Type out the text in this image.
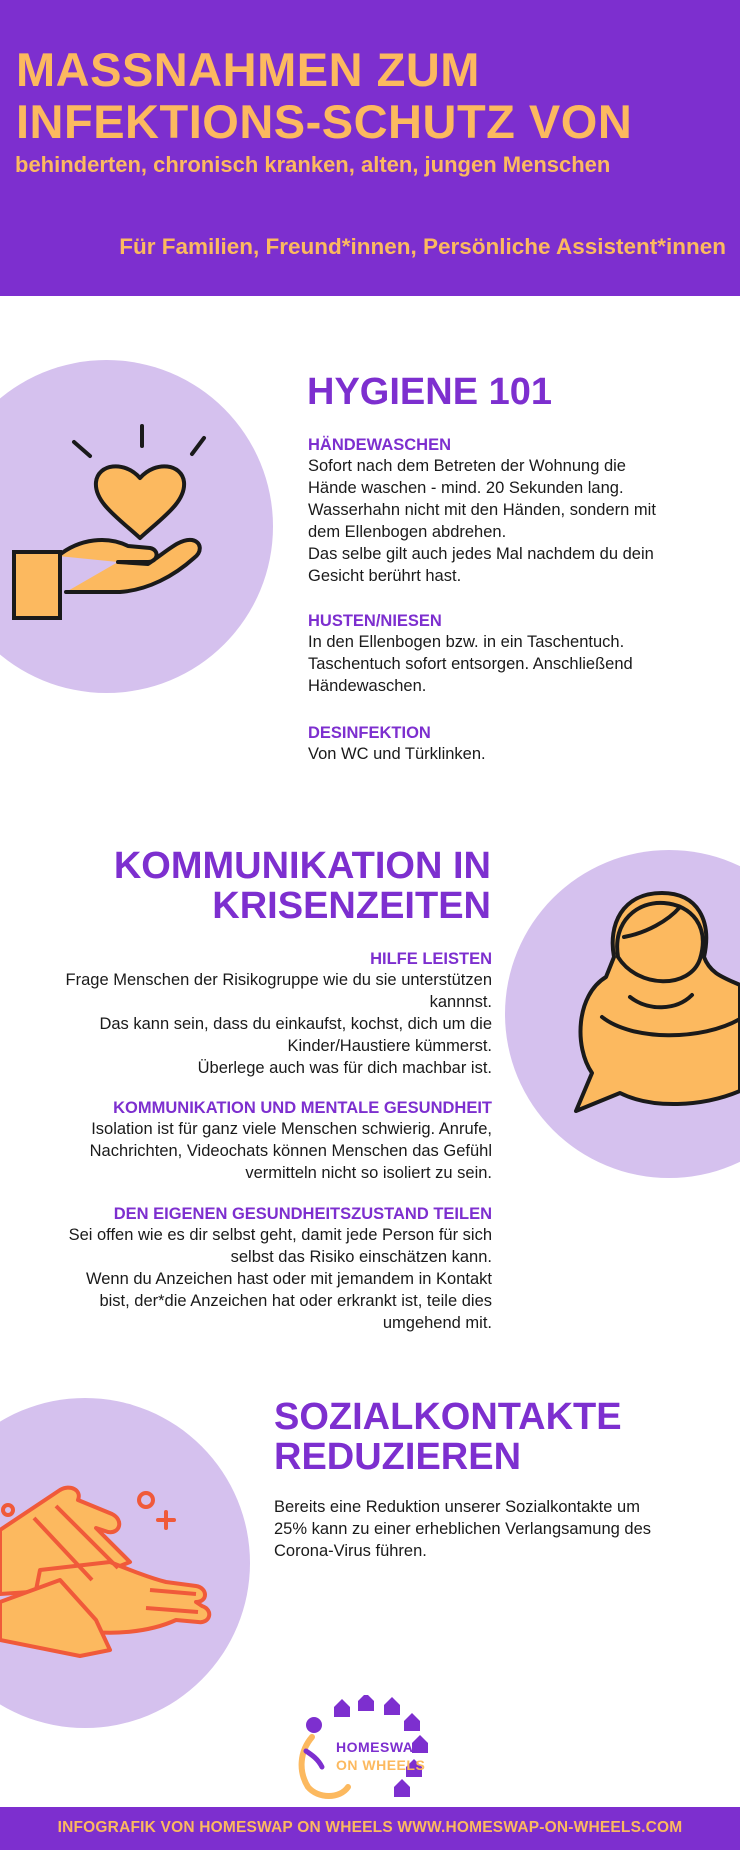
MASSNAHMEN ZUM
INFEKTIONS-SCHUTZ VON

behinderten, chronisch kranken, alten, jungen Menschen

Für Familien, Freund*innen, Persönliche Assistent*innen

HYGIENE 101

HÄNDEWASCHEN

Sofort nach dem Betreten der Wohnung die
Hände waschen - mind. 20 Sekunden lang.
Wasserhahn nicht mit den Händen, sondern mit
dem Ellenbogen abdrehen.
Das selbe gilt auch jedes Mal nachdem du dein
Gesicht berührt hast.

HUSTEN/NIESEN

In den Ellenbogen bzw. in ein Taschentuch.
Taschentuch sofort entsorgen. Anschließend
Händewaschen.

DESINFEKTION

Von WC und Türklinken.

KOMMUNIKATION IN
KRISENZEITEN

HILFE LEISTEN

Frage Menschen der Risikogruppe wie du sie unterstützen
kannnst.
Das kann sein, dass du einkaufst, kochst, dich um die
Kinder/Haustiere kümmerst.
Überlege auch was für dich machbar ist.

KOMMUNIKATION UND MENTALE GESUNDHEIT

Isolation ist für ganz viele Menschen schwierig. Anrufe,
Nachrichten, Videochats können Menschen das Gefühl
vermitteln nicht so isoliert zu sein.

DEN EIGENEN GESUNDHEITSZUSTAND TEILEN

Sei offen wie es dir selbst geht, damit jede Person für sich
selbst das Risiko einschätzen kann.
Wenn du Anzeichen hast oder mit jemandem in Kontakt
bist, der*die Anzeichen hat oder erkrankt ist, teile dies
umgehend mit.

SOZIALKONTAKTE
REDUZIEREN

Bereits eine Reduktion unserer Sozialkontakte um
25% kann zu einer erheblichen Verlangsamung des
Corona-Virus führen.

HOMESWAP
ON WHEELS

INFOGRAFIK VON HOMESWAP ON WHEELS WWW.HOMESWAP-ON-WHEELS.COM
